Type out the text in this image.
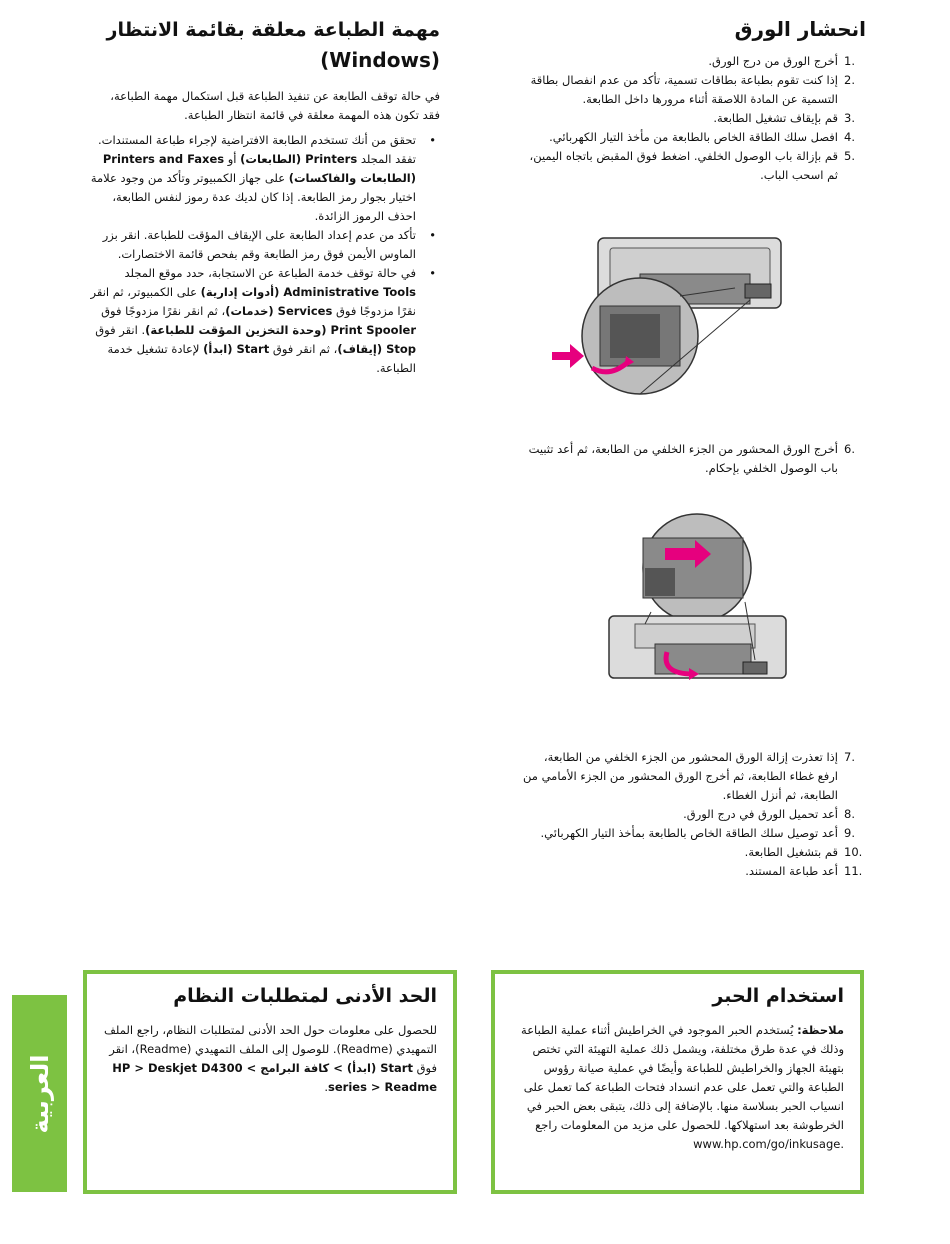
انحشار الورق
1.
أخرج الورق من درج الورق.
2.
إذا كنت تقوم بطباعة بطاقات تسمية، تأكد من عدم انفصال بطاقة التسمية عن المادة اللاصقة أثناء مرورها داخل الطابعة.
3.
قم بإيقاف تشغيل الطابعة.
4.
افصل سلك الطاقة الخاص بالطابعة من مأخذ التيار الكهربائي.
5.
قم بإزالة باب الوصول الخلفي. اضغط فوق المقبض باتجاه اليمين، ثم اسحب الباب.
6.
أخرج الورق المحشور من الجزء الخلفي من الطابعة، ثم أعد تثبيت باب الوصول الخلفي بإحكام.
7.
إذا تعذرت إزالة الورق المحشور من الجزء الخلفي من الطابعة، ارفع غطاء الطابعة، ثم أخرج الورق المحشور من الجزء الأمامي من الطابعة، ثم أنزل الغطاء.
8.
أعد تحميل الورق في درج الورق.
9.
أعد توصيل سلك الطاقة الخاص بالطابعة بمأخذ التيار الكهربائي.
10.
قم بتشغيل الطابعة.
11.
أعد طباعة المستند.
مهمة الطباعة معلقة بقائمة الانتظار
(Windows)

في حالة توقف الطابعة عن تنفيذ الطباعة قبل استكمال مهمة الطباعة، فقد تكون هذه المهمة معلقة في قائمة انتظار الطباعة.

• تحقق من أنك تستخدم الطابعة الافتراضية لإجراء طباعة المستندات. تفقد المجلد Printers (الطابعات) أو Printers and Faxes (الطابعات والفاكسات) على جهاز الكمبيوتر وتأكد من وجود علامة اختيار بجوار رمز الطابعة. إذا كان لديك عدة رموز لنفس الطابعة، احذف الرموز الزائدة.
• تأكد من عدم إعداد الطابعة على الإيقاف المؤقت للطباعة. انقر بزر الماوس الأيمن فوق رمز الطابعة وقم بفحص قائمة الاختصارات.
• في حالة توقف خدمة الطباعة عن الاستجابة، حدد موقع المجلد Administrative Tools (أدوات إدارية) على الكمبيوتر، ثم انقر نقرًا مزدوجًا فوق Services (خدمات)، ثم انقر نقرًا مزدوجًا فوق Print Spooler (وحدة التخزين المؤقت للطباعة). انقر فوق Stop (إيقاف)، ثم انقر فوق Start (ابدأ) لإعادة تشغيل خدمة الطباعة.
استخدام الحبر

ملاحظة: يُستخدم الحبر الموجود في الخراطيش أثناء عملية الطباعة وذلك في عدة طرق مختلفة، ويشمل ذلك عملية التهيئة التي تختص بتهيئة الجهاز والخراطيش للطباعة وأيضًا في عملية صيانة رؤوس الطباعة والتي تعمل على عدم انسداد فتحات الطباعة كما تعمل على انسياب الحبر بسلاسة منها. بالإضافة إلى ذلك، يتبقى بعض الحبر في الخرطوشة بعد استهلاكها. للحصول على مزيد من المعلومات راجع www.hp.com/go/inkusage.

الحد الأدنى لمتطلبات النظام

للحصول على معلومات حول الحد الأدنى لمتطلبات النظام، راجع الملف التمهيدي (Readme). للوصول إلى الملف التمهيدي (Readme)، انقر فوق Start (ابدأ) > كافة البرامج > HP > Deskjet D4300 series > Readme.

العربية
